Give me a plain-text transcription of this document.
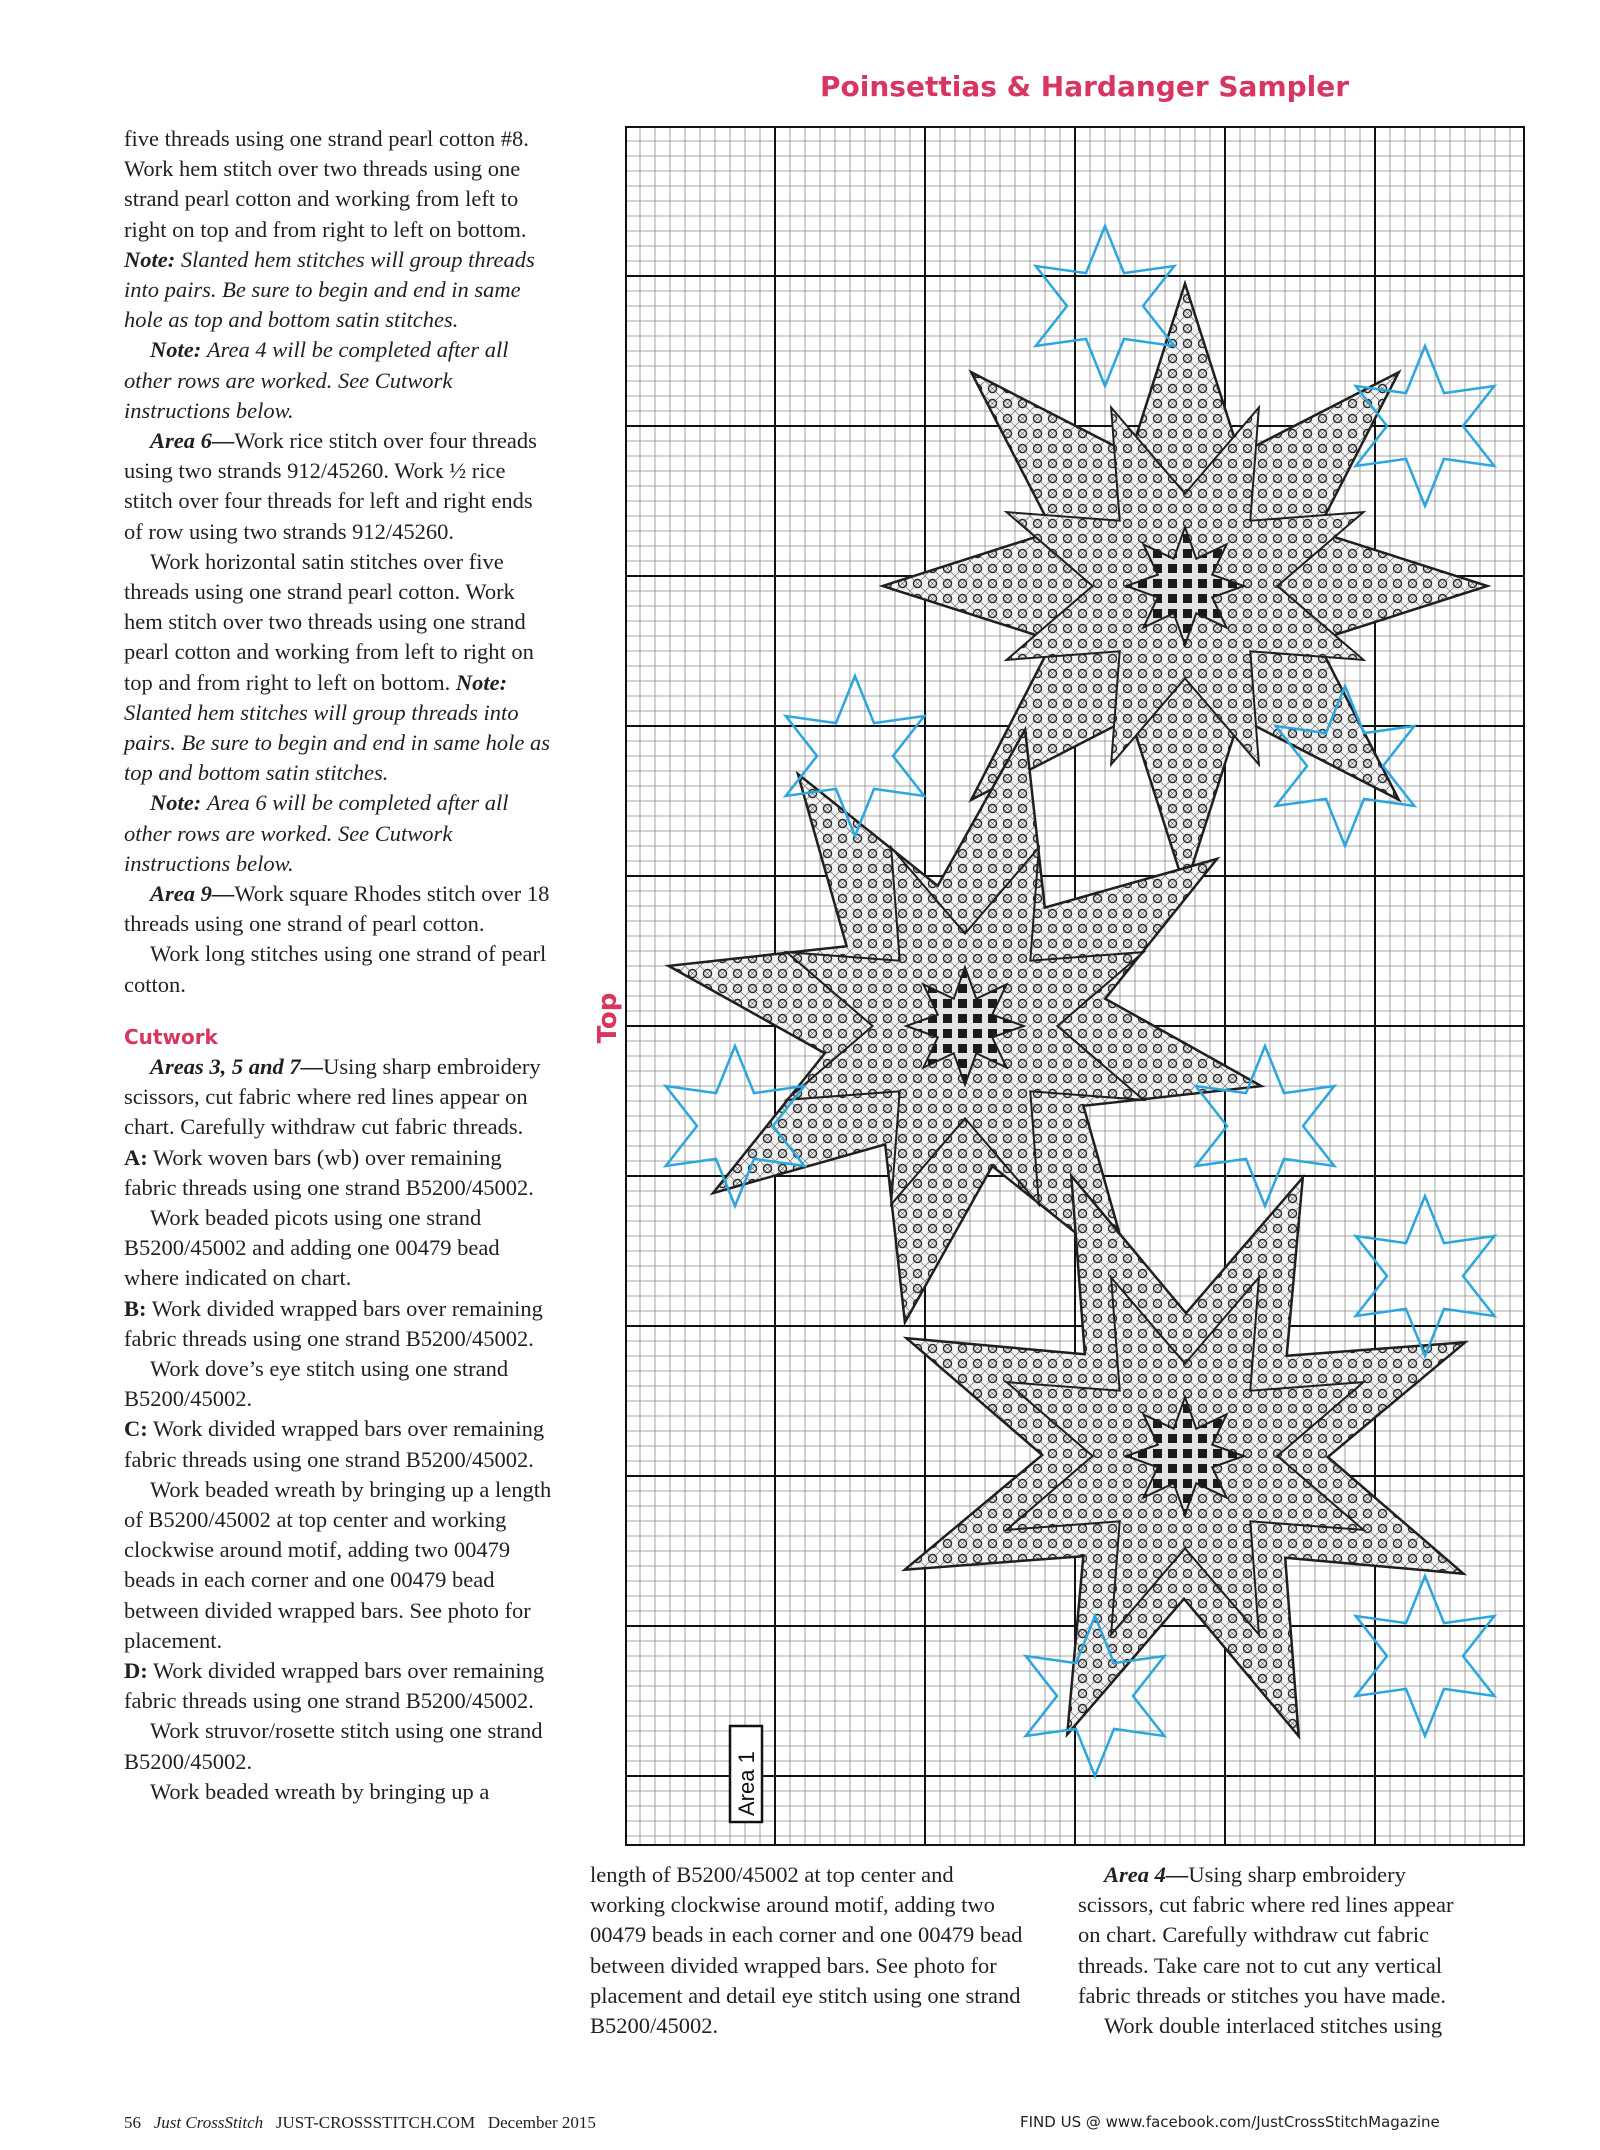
Poinsettias & Hardanger Sampler

five threads using one strand pearl cotton #8. Work hem stitch over two threads using one strand pearl cotton and working from left to right on top and from right to left on bottom. Note: Slanted hem stitches will group threads into pairs. Be sure to begin and end in same hole as top and bottom satin stitches.

Note: Area 4 will be completed after all other rows are worked. See Cutwork instructions below.

Area 6—Work rice stitch over four threads using two strands 912/45260. Work ½ rice stitch over four threads for left and right ends of row using two strands 912/45260.

Work horizontal satin stitches over five threads using one strand pearl cotton. Work hem stitch over two threads using one strand pearl cotton and working from left to right on top and from right to left on bottom. Note: Slanted hem stitches will group threads into pairs. Be sure to begin and end in same hole as top and bottom satin stitches.

Note: Area 6 will be completed after all other rows are worked. See Cutwork instructions below.

Area 9—Work square Rhodes stitch over 18 threads using one strand of pearl cotton.

Work long stitches using one strand of pearl cotton.

Cutwork

Areas 3, 5 and 7—Using sharp embroidery scissors, cut fabric where red lines appear on chart. Carefully withdraw cut fabric threads.

A: Work woven bars (wb) over remaining fabric threads using one strand B5200/45002.

Work beaded picots using one strand B5200/45002 and adding one 00479 bead where indicated on chart.

B: Work divided wrapped bars over remaining fabric threads using one strand B5200/45002.

Work dove’s eye stitch using one strand B5200/45002.

C: Work divided wrapped bars over remaining fabric threads using one strand B5200/45002.

Work beaded wreath by bringing up a length of B5200/45002 at top center and working clockwise around motif, adding two 00479 beads in each corner and one 00479 bead between divided wrapped bars. See photo for placement.

D: Work divided wrapped bars over remaining fabric threads using one strand B5200/45002.

Work struvor/rosette stitch using one strand B5200/45002.

Work beaded wreath by bringing up a

Top
Area 1

length of B5200/45002 at top center and working clockwise around motif, adding two 00479 beads in each corner and one 00479 bead between divided wrapped bars. See photo for placement and detail eye stitch using one strand B5200/45002.

Area 4—Using sharp embroidery scissors, cut fabric where red lines appear on chart. Carefully withdraw cut fabric threads. Take care not to cut any vertical fabric threads or stitches you have made.

Work double interlaced stitches using

56 Just CrossStitch JUST-CROSSSTITCH.COM December 2015	FIND US @ www.facebook.com/JustCrossStitchMagazine
